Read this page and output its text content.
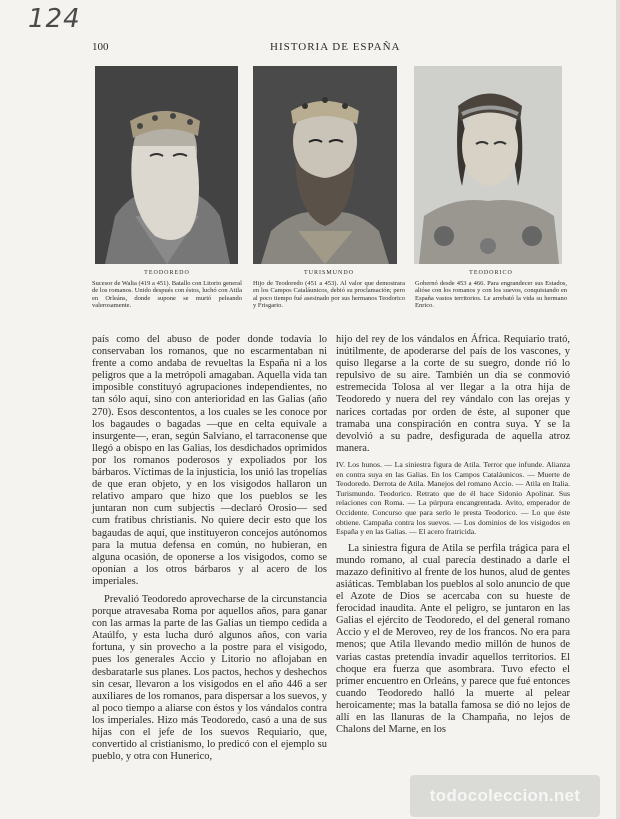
124
100	HISTORIA DE ESPAÑA
TEODOREDO
Sucesor de Walia (419 a 451). Batallo con Litorio general de los romanos. Unido después con éstos, luchó con Atila en Orleáns, donde supone se murió peleando valerosamente.
TURISMUNDO
Hijo de Teodoredo (451 a 453). Al valor que demostrara en los Campos Cataláunicos, debió su proclamación; pero al poco tiempo fué asesinado por sus hermanos Teodorico y Frisgario.
TEODORICO
Gobernó desde 453 a 466. Para engrandecer sus Estados, alióse con los romanos y con los suevos, conquistando en España vastos territorios. Le arrebató la vida su hermano Enrico.

país como del abuso de poder donde todavía lo conservaban los romanos, que no escarmentaban ni frente a como andaba de revueltas la España ni a los peligros que a la metrópoli amagaban. Aquella vida tan imposible constituyó agrupaciones independientes, no tan sólo aquí, sino con anterioridad en las Galias (año 270). Esos descontentos, a los cuales se les conoce por los bagaudes o bagadas —que en celta equivale a insurgente—, eran, según Salviano, el tarraconense que llegó a obispo en las Galias, los desdichados oprimidos por los romanos poderosos y expoliados por los bárbaros. Víctimas de la injusticia, los unió las tropelías de que eran objeto, y en los visigodos hallaron un relativo amparo que hizo que los pueblos se les juntaran non cum subjectis —declaró Orosio— sed cum fratibus christianis. No quiere decir esto que los bagaudas de aquí, que instituyeron concejos autónomos para la mutua defensa en común, no hubieran, en alguna ocasión, de oponerse a los visigodos, como se oponían a los otros bárbaros y al acero de los imperiales.

Prevalió Teodoredo aprovecharse de la circunstancia porque atravesaba Roma por aquellos años, para ganar con las armas la parte de las Galias un tiempo cedida a Ataúlfo, y esta lucha duró algunos años, con varia fortuna, y sin provecho a la postre para el visigodo, pues los generales Accio y Litorio no aflojaban en desbaratarle sus planes. Los pactos, hechos y deshechos sin cesar, llevaron a los visigodos en el año 446 a ser auxiliares de los romanos, para dispersar a los suevos, y al poco tiempo a aliarse con éstos y los vándalos contra los imperiales. Hizo más Teodoredo, casó a una de sus hijas con el jefe de los suevos Requiario, que, convertido al cristianismo, lo predicó con el ejemplo su pueblo, y otra con Hunerico,

hijo del rey de los vándalos en África. Requiario trató, inútilmente, de apoderarse del país de los vascones, y quiso llegarse a la corte de su suegro, donde rió lo repulsivo de su aire. También un día se conmovió estremecida Tolosa al ver llegar a la otra hija de Teodoredo y nuera del rey vándalo con las orejas y narices cortadas por orden de éste, al suponer que tramaba una conspiración en contra suya. Y se la devolvió a su padre, desfigurada de aquella atroz manera.

IV. Los hunos. — La siniestra figura de Atila. Terror que infunde. Alianza en contra suya en las Galias. En los Campos Cataláunicos. — Muerte de Teodoredo. Derrota de Atila. Manejos del romano Accio. — Atila en Italia. Turismundo. Teodorico. Retrato que de él hace Sidonio Apolinar. Sus relaciones con Roma. — La púrpura encangrentada. Avito, emperador de Occidente. Concurso que para serlo le presta Teodorico. — Lo que éste obtiene. Campaña contra los suevos. — Los dominios de los visigodos en España y en las Galias. — El acero fratricida.

La siniestra figura de Atila se perfila trágica para el mundo romano, al cual parecía destinado a darle el mazazo definitivo al frente de los hunos, alud de gentes asiáticas. Temblaban los pueblos al solo anuncio de que el Azote de Dios se acercaba con su hueste de ferocidad inaudita. Ante el peligro, se juntaron en las Galias el ejército de Teodoredo, el del general romano Accio y el de Meroveo, rey de los francos. No era para menos; que Atila llevando medio millón de hunos de varias castas pretendía invadir aquellos territorios. El choque era fuerza que asombrara. Tuvo efecto el primer encuentro en Orleáns, y parece que fué entonces cuando Teodoredo halló la muerte al pelear heroicamente; mas la batalla famosa se dió no lejos de allí en las llanuras de la Champaña, no lejos de Chalons del Marne, en los

todocoleccion.net
